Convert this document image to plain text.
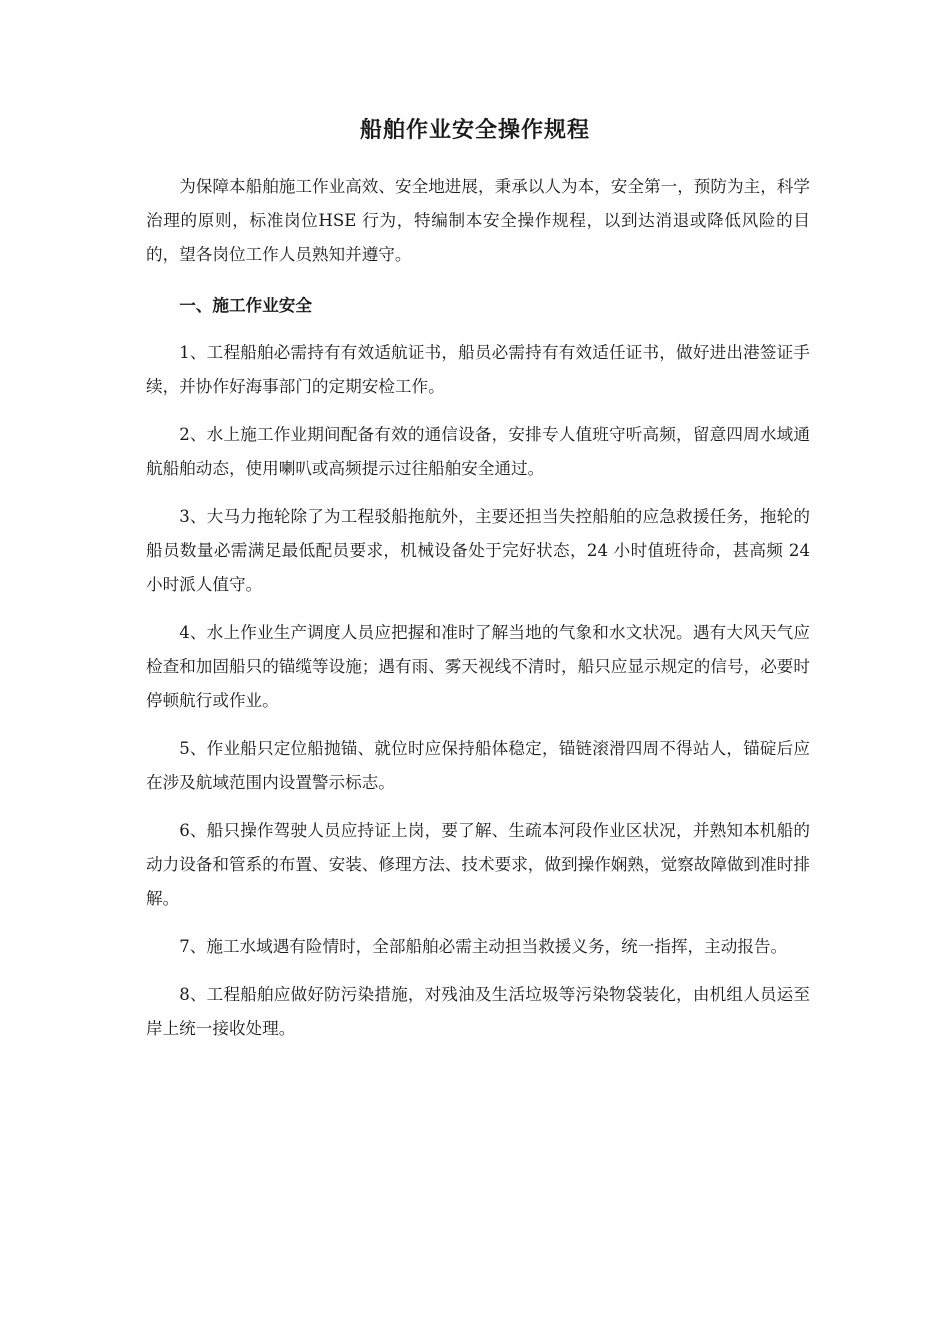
船舶作业安全操作规程

为保障本船舶施工作业高效、安全地进展，秉承以人为本，安全第一，预防为主，科学治理的原则，标准岗位HSE 行为，特编制本安全操作规程，以到达消退或降低风险的目的，望各岗位工作人员熟知并遵守。

一、施工作业安全

1、工程船舶必需持有有效适航证书，船员必需持有有效适任证书，做好进出港签证手续，并协作好海事部门的定期安检工作。

2、水上施工作业期间配备有效的通信设备，安排专人值班守听高频，留意四周水域通航船舶动态，使用喇叭或高频提示过往船舶安全通过。

3、大马力拖轮除了为工程驳船拖航外，主要还担当失控船舶的应急救援任务，拖轮的船员数量必需满足最低配员要求，机械设备处于完好状态，24 小时值班待命，甚高频 24 小时派人值守。

4、水上作业生产调度人员应把握和准时了解当地的气象和水文状况。遇有大风天气应检查和加固船只的锚缆等设施；遇有雨、雾天视线不清时，船只应显示规定的信号，必要时停顿航行或作业。

5、作业船只定位船抛锚、就位时应保持船体稳定，锚链滚滑四周不得站人，锚碇后应在涉及航域范围内设置警示标志。

6、船只操作驾驶人员应持证上岗，要了解、生疏本河段作业区状况，并熟知本机船的动力设备和管系的布置、安装、修理方法、技术要求，做到操作娴熟，觉察故障做到准时排解。

7、施工水域遇有险情时，全部船舶必需主动担当救援义务，统一指挥，主动报告。

8、工程船舶应做好防污染措施，对残油及生活垃圾等污染物袋装化，由机组人员运至岸上统一接收处理。
